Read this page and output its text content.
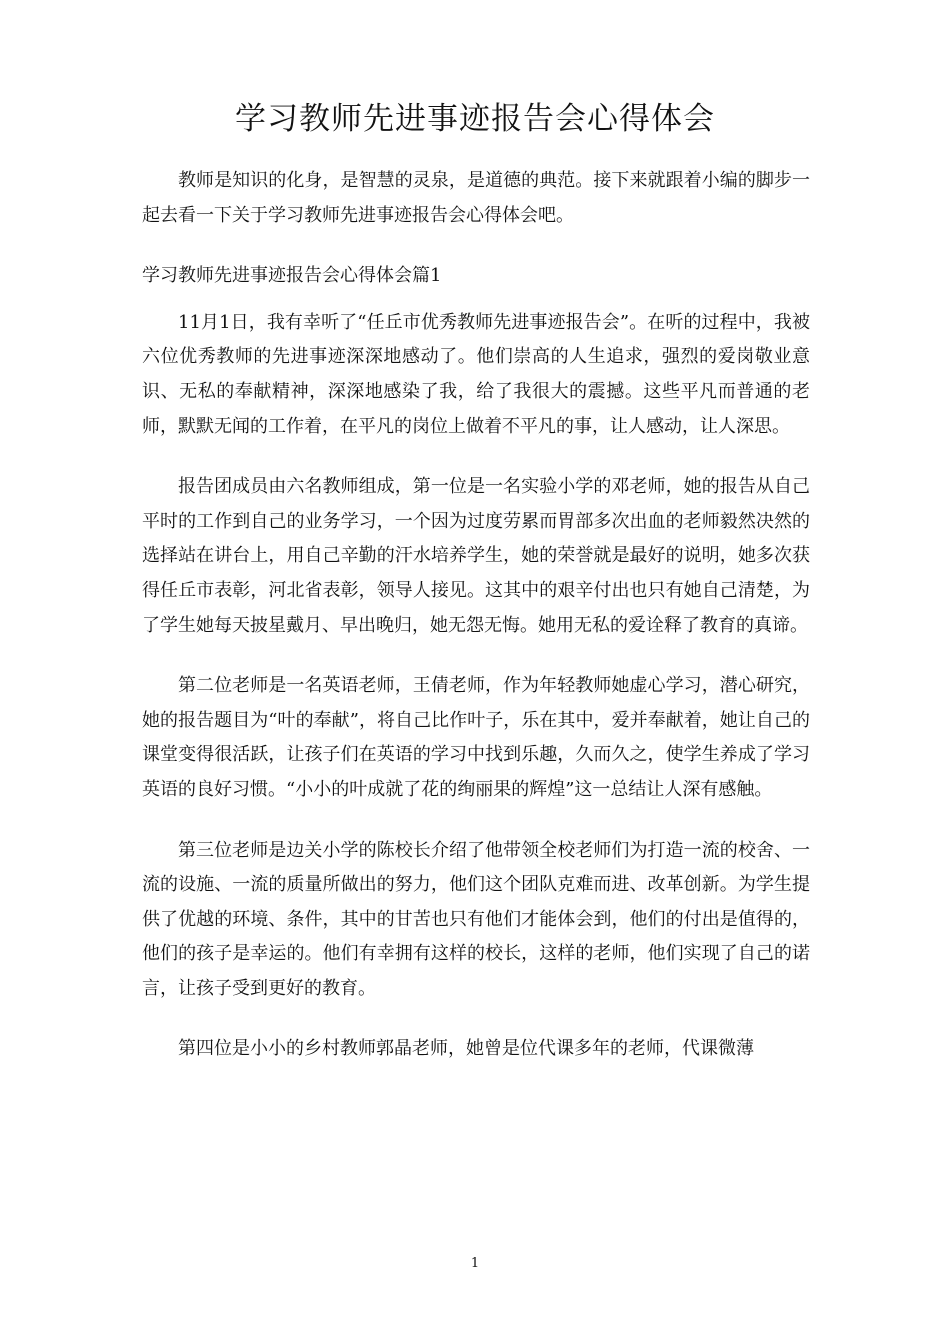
学习教师先进事迹报告会心得体会

教师是知识的化身，是智慧的灵泉，是道德的典范。接下来就跟着小编的脚步一起去看一下关于学习教师先进事迹报告会心得体会吧。

学习教师先进事迹报告会心得体会篇1

11月1日，我有幸听了“任丘市优秀教师先进事迹报告会”。在听的过程中，我被六位优秀教师的先进事迹深深地感动了。他们崇高的人生追求，强烈的爱岗敬业意识、无私的奉献精神，深深地感染了我，给了我很大的震撼。这些平凡而普通的老师，默默无闻的工作着，在平凡的岗位上做着不平凡的事，让人感动，让人深思。

报告团成员由六名教师组成，第一位是一名实验小学的邓老师，她的报告从自己平时的工作到自己的业务学习，一个因为过度劳累而胃部多次出血的老师毅然决然的选择站在讲台上，用自己辛勤的汗水培养学生，她的荣誉就是最好的说明，她多次获得任丘市表彰，河北省表彰，领导人接见。这其中的艰辛付出也只有她自己清楚，为了学生她每天披星戴月、早出晚归，她无怨无悔。她用无私的爱诠释了教育的真谛。

第二位老师是一名英语老师，王倩老师，作为年轻教师她虚心学习，潜心研究，她的报告题目为“叶的奉献”，将自己比作叶子，乐在其中，爱并奉献着，她让自己的课堂变得很活跃，让孩子们在英语的学习中找到乐趣，久而久之，使学生养成了学习英语的良好习惯。“小小的叶成就了花的绚丽果的辉煌”这一总结让人深有感触。

第三位老师是边关小学的陈校长介绍了他带领全校老师们为打造一流的校舍、一流的设施、一流的质量所做出的努力，他们这个团队克难而进、改革创新。为学生提供了优越的环境、条件，其中的甘苦也只有他们才能体会到，他们的付出是值得的，他们的孩子是幸运的。他们有幸拥有这样的校长，这样的老师，他们实现了自己的诺言，让孩子受到更好的教育。

第四位是小小的乡村教师郭晶老师，她曾是位代课多年的老师，代课微薄

1
